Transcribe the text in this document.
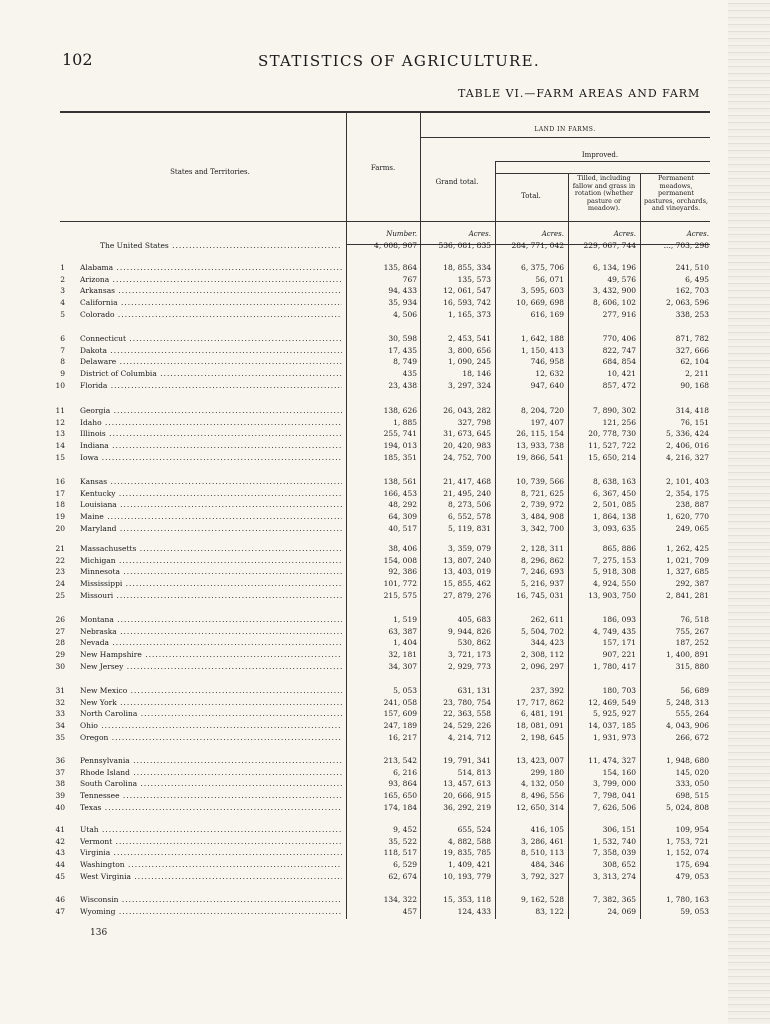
102	STATISTICS OF AGRICULTURE.
TABLE VI.—FARM AREAS AND FARM
States and Territories.	Farms.
LAND IN FARMS.
Grand total.
Improved.
Total.
Tilled, including fallow and grass in rotation (whether pasture or meadow).
Permanent meadows, permanent pastures, orchards, and vineyards.
Number.	Acres.	Acres.	Acres.	Acres.
The United States .....	4, 008, 907	536, 081, 835	284, 771, 042	229, 067, 744	..., 703, 298
1 Alabama .....	135, 864	18, 855, 334	6, 375, 706	6, 134, 196	241, 510
2 Arizona .....	767	135, 573	56, 071	49, 576	6, 495
3 Arkansas .....	94, 433	12, 061, 547	3, 595, 603	3, 432, 900	162, 703
4 California .....	35, 934	16, 593, 742	10, 669, 698	8, 606, 102	2, 063, 596
5 Colorado .....	4, 506	1, 165, 373	616, 169	277, 916	338, 253
6 Connecticut .....	30, 598	2, 453, 541	1, 642, 188	770, 406	871, 782
7 Dakota .....	17, 435	3, 800, 656	1, 150, 413	822, 747	327, 666
8 Delaware .....	8, 749	1, 090, 245	746, 958	684, 854	62, 104
9 District of Columbia .....	435	18, 146	12, 632	10, 421	2, 211
10 Florida .....	23, 438	3, 297, 324	947, 640	857, 472	90, 168
11 Georgia .....	138, 626	26, 043, 282	8, 204, 720	7, 890, 302	314, 418
12 Idaho .....	1, 885	327, 798	197, 407	121, 256	76, 151
13 Illinois .....	255, 741	31, 673, 645	26, 115, 154	20, 778, 730	5, 336, 424
14 Indiana .....	194, 013	20, 420, 983	13, 933, 738	11, 527, 722	2, 406, 016
15 Iowa .....	185, 351	24, 752, 700	19, 866, 541	15, 650, 214	4, 216, 327
16 Kansas .....	138, 561	21, 417, 468	10, 739, 566	8, 638, 163	2, 101, 403
17 Kentucky .....	166, 453	21, 495, 240	8, 721, 625	6, 367, 450	2, 354, 175
18 Louisiana .....	48, 292	8, 273, 506	2, 739, 972	2, 501, 085	238, 887
19 Maine .....	64, 309	6, 552, 578	3, 484, 908	1, 864, 138	1, 620, 770
20 Maryland .....	40, 517	5, 119, 831	3, 342, 700	3, 093, 635	249, 065
21 Massachusetts .....	38, 406	3, 359, 079	2, 128, 311	865, 886	1, 262, 425
22 Michigan .....	154, 008	13, 807, 240	8, 296, 862	7, 275, 153	1, 021, 709
23 Minnesota .....	92, 386	13, 403, 019	7, 246, 693	5, 918, 308	1, 327, 685
24 Mississippi .....	101, 772	15, 855, 462	5, 216, 937	4, 924, 550	292, 387
25 Missouri .....	215, 575	27, 879, 276	16, 745, 031	13, 903, 750	2, 841, 281
26 Montana .....	1, 519	405, 683	262, 611	186, 093	76, 518
27 Nebraska .....	63, 387	9, 944, 826	5, 504, 702	4, 749, 435	755, 267
28 Nevada .....	1, 404	530, 862	344, 423	157, 171	187, 252
29 New Hampshire .....	32, 181	3, 721, 173	2, 308, 112	907, 221	1, 400, 891
30 New Jersey .....	34, 307	2, 929, 773	2, 096, 297	1, 780, 417	315, 880
31 New Mexico .....	5, 053	631, 131	237, 392	180, 703	56, 689
32 New York .....	241, 058	23, 780, 754	17, 717, 862	12, 469, 549	5, 248, 313
33 North Carolina .....	157, 609	22, 363, 558	6, 481, 191	5, 925, 927	555, 264
34 Ohio .....	247, 189	24, 529, 226	18, 081, 091	14, 037, 185	4, 043, 906
35 Oregon .....	16, 217	4, 214, 712	2, 198, 645	1, 931, 973	266, 672
36 Pennsylvania .....	213, 542	19, 791, 341	13, 423, 007	11, 474, 327	1, 948, 680
37 Rhode Island .....	6, 216	514, 813	299, 180	154, 160	145, 020
38 South Carolina .....	93, 864	13, 457, 613	4, 132, 050	3, 799, 000	333, 050
39 Tennessee .....	165, 650	20, 666, 915	8, 496, 556	7, 798, 041	698, 515
40 Texas .....	174, 184	36, 292, 219	12, 650, 314	7, 626, 506	5, 024, 808
41 Utah .....	9, 452	655, 524	416, 105	306, 151	109, 954
42 Vermont .....	35, 522	4, 882, 588	3, 286, 461	1, 532, 740	1, 753, 721
43 Virginia .....	118, 517	19, 835, 785	8, 510, 113	7, 358, 039	1, 152, 074
44 Washington .....	6, 529	1, 409, 421	484, 346	308, 652	175, 694
45 West Virginia .....	62, 674	10, 193, 779	3, 792, 327	3, 313, 274	479, 053
46 Wisconsin .....	134, 322	15, 353, 118	9, 162, 528	7, 382, 365	1, 780, 163
47 Wyoming .....	457	124, 433	83, 122	24, 069	59, 053
136
